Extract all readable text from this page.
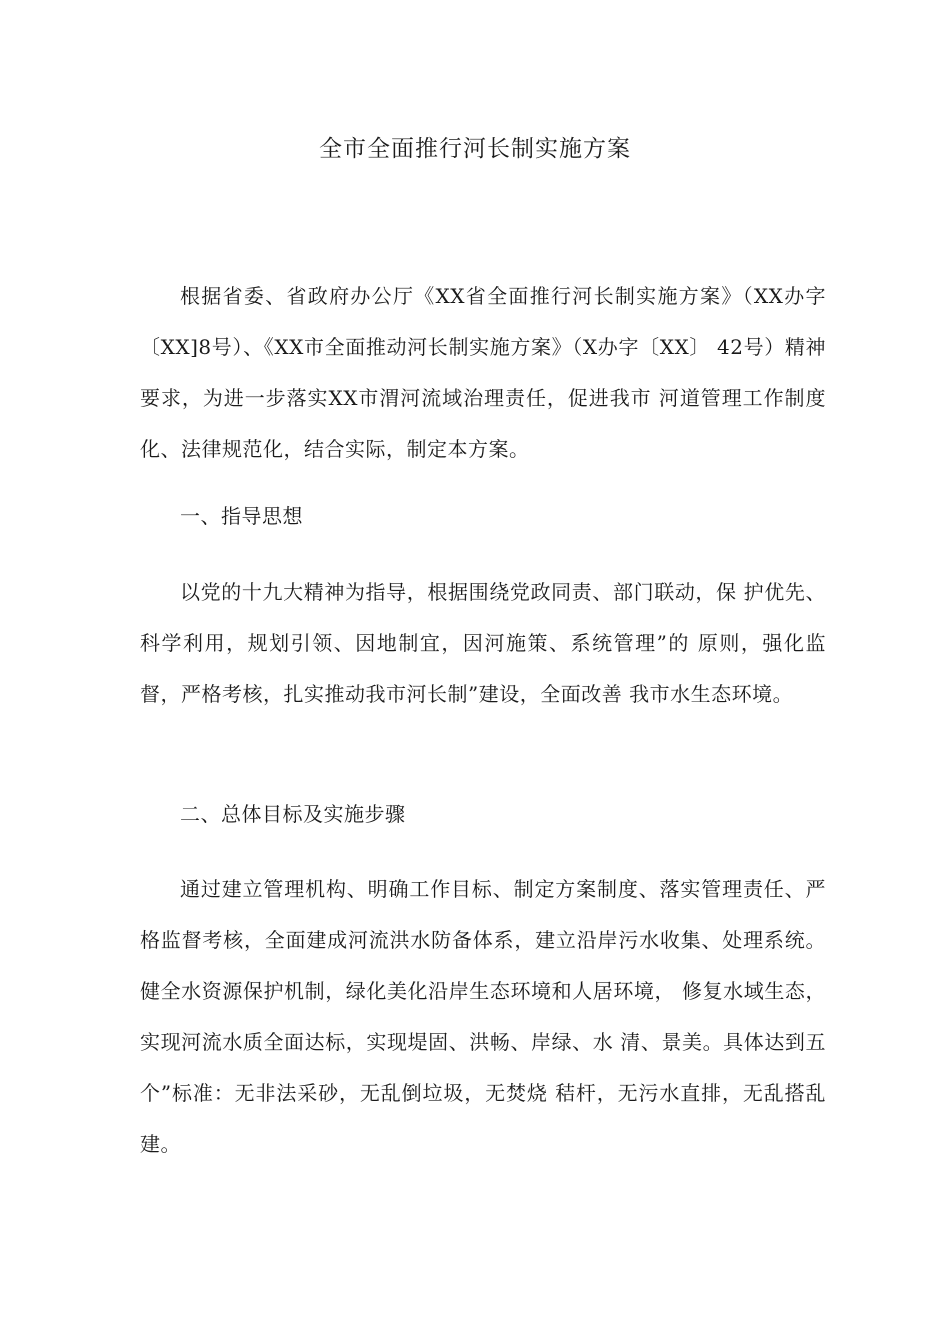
全市全面推行河长制实施方案

根据省委、省政府办公厅《XX省全面推行河长制实施方案》（XX办字〔XX]8号）、《XX市全面推动河长制实施方案》（X办字〔XX〕 42号）精神要求，为进一步落实XX市渭河流域治理责任，促进我市 河道管理工作制度化、法律规范化，结合实际，制定本方案。

一、指导思想

以党的十九大精神为指导，根据围绕党政同责、部门联动，保 护优先、科学利用，规划引领、因地制宜，因河施策、系统管理”的 原则，强化监督，严格考核，扎实推动我市河长制”建设，全面改善 我市水生态环境。

二、总体目标及实施步骤

通过建立管理机构、明确工作目标、制定方案制度、落实管理责任、严格监督考核，全面建成河流洪水防备体系，建立沿岸污水收集、处理系统。健全水资源保护机制，绿化美化沿岸生态环境和人居环境， 修复水域生态，实现河流水质全面达标，实现堤固、洪畅、岸绿、水 清、景美。具体达到五个”标准：无非法采砂，无乱倒垃圾，无焚烧 秸杆，无污水直排，无乱搭乱建。
